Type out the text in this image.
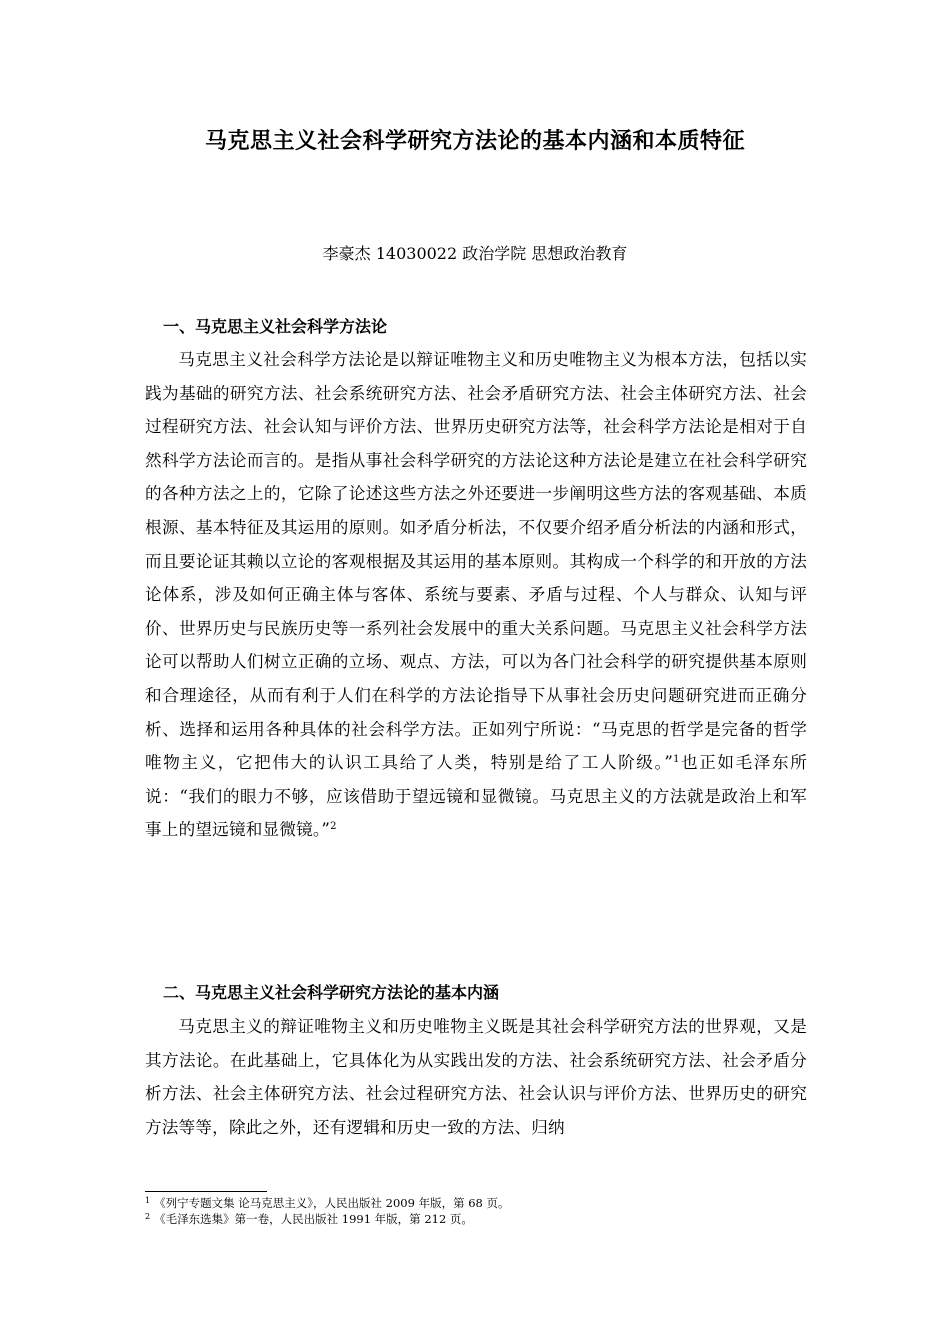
马克思主义社会科学研究方法论的基本内涵和本质特征
李豪杰 14030022 政治学院 思想政治教育
一、马克思主义社会科学方法论
马克思主义社会科学方法论是以辩证唯物主义和历史唯物主义为根本方法，包括以实践为基础的研究方法、社会系统研究方法、社会矛盾研究方法、社会主体研究方法、社会过程研究方法、社会认知与评价方法、世界历史研究方法等，社会科学方法论是相对于自然科学方法论而言的。是指从事社会科学研究的方法论这种方法论是建立在社会科学研究的各种方法之上的，它除了论述这些方法之外还要进一步阐明这些方法的客观基础、本质根源、基本特征及其运用的原则。如矛盾分析法，不仅要介绍矛盾分析法的内涵和形式，而且要论证其赖以立论的客观根据及其运用的基本原则。其构成一个科学的和开放的方法论体系，涉及如何正确主体与客体、系统与要素、矛盾与过程、个人与群众、认知与评价、世界历史与民族历史等一系列社会发展中的重大关系问题。马克思主义社会科学方法论可以帮助人们树立正确的立场、观点、方法，可以为各门社会科学的研究提供基本原则和合理途径，从而有利于人们在科学的方法论指导下从事社会历史问题研究进而正确分析、选择和运用各种具体的社会科学方法。正如列宁所说：“马克思的哲学是完备的哲学唯物主义，它把伟大的认识工具给了人类，特别是给了工人阶级。”$^1$也正如毛泽东所说：“我们的眼力不够，应该借助于望远镜和显微镜。马克思主义的方法就是政治上和军事上的望远镜和显微镜。”$^2$
二、马克思主义社会科学研究方法论的基本内涵
马克思主义的辩证唯物主义和历史唯物主义既是其社会科学研究方法的世界观，又是其方法论。在此基础上，它具体化为从实践出发的方法、社会系统研究方法、社会矛盾分析方法、社会主体研究方法、社会过程研究方法、社会认识与评价方法、世界历史的研究方法等等，除此之外，还有逻辑和历史一致的方法、归纳
$^1$ 《列宁专题文集 论马克思主义》，人民出版社 2009 年版，第 68 页。
$^2$ 《毛泽东选集》第一卷，人民出版社 1991 年版，第 212 页。
